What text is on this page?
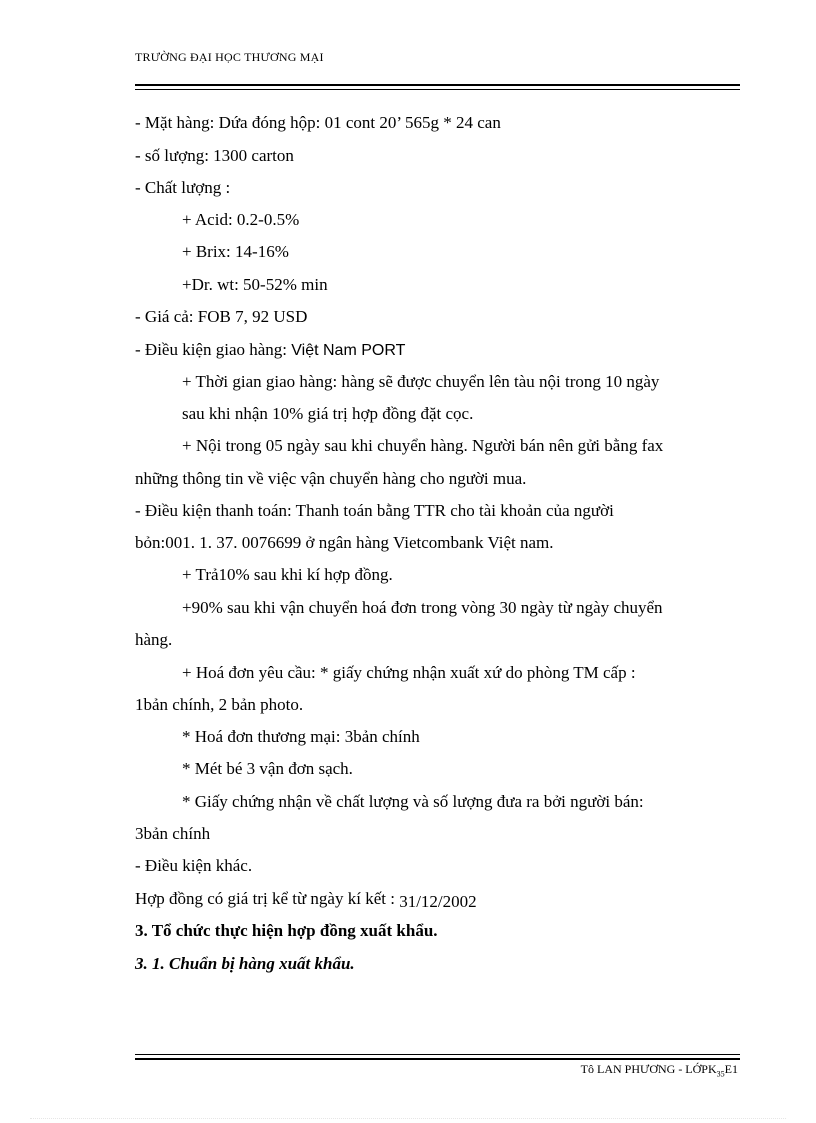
TRƯỜNG ĐẠI HỌC THƯƠNG MẠI
- Mặt hàng: Dứa đóng hộp: 01 cont 20’ 565g * 24 can
- số lượng: 1300 carton
- Chất lượng :
+ Acid: 0.2-0.5%
+ Brix: 14-16%
+Dr. wt: 50-52% min
- Giá cả: FOB 7, 92 USD
- Điều kiện giao hàng: Việt Nam PORT
+ Thời gian giao hàng: hàng sẽ được chuyển lên tàu nội trong 10 ngày
sau khi nhận 10% giá trị hợp đồng đặt cọc.
+ Nội trong 05 ngày sau khi chuyển hàng. Người bán nên gửi bằng fax
những thông tin về việc vận chuyển hàng cho người mua.
- Điều kiện thanh toán: Thanh toán bằng TTR cho tài khoản của người
bỏn:001. 1. 37. 0076699 ở ngân hàng Vietcombank Việt nam.
+ Trả10% sau khi kí hợp đồng.
+90% sau khi vận chuyển hoá đơn trong vòng 30 ngày từ ngày chuyển
hàng.
+ Hoá đơn yêu cầu: * giấy chứng nhận xuất xứ do phòng TM cấp :
1bản chính, 2 bản photo.
* Hoá đơn thương mại: 3bản chính
* Mét bé 3 vận đơn sạch.
* Giấy chứng nhận về chất lượng và số lượng đưa ra bởi người bán:
3bản chính
- Điều kiện khác.
Hợp đồng có giá trị kể từ ngày kí kết : 31/12/2002
3. Tổ chức thực hiện hợp đồng xuất khẩu.
3. 1. Chuẩn bị hàng xuất khẩu.
Tô LAN PHƯƠNG - LỚPK$_{35}$E1
